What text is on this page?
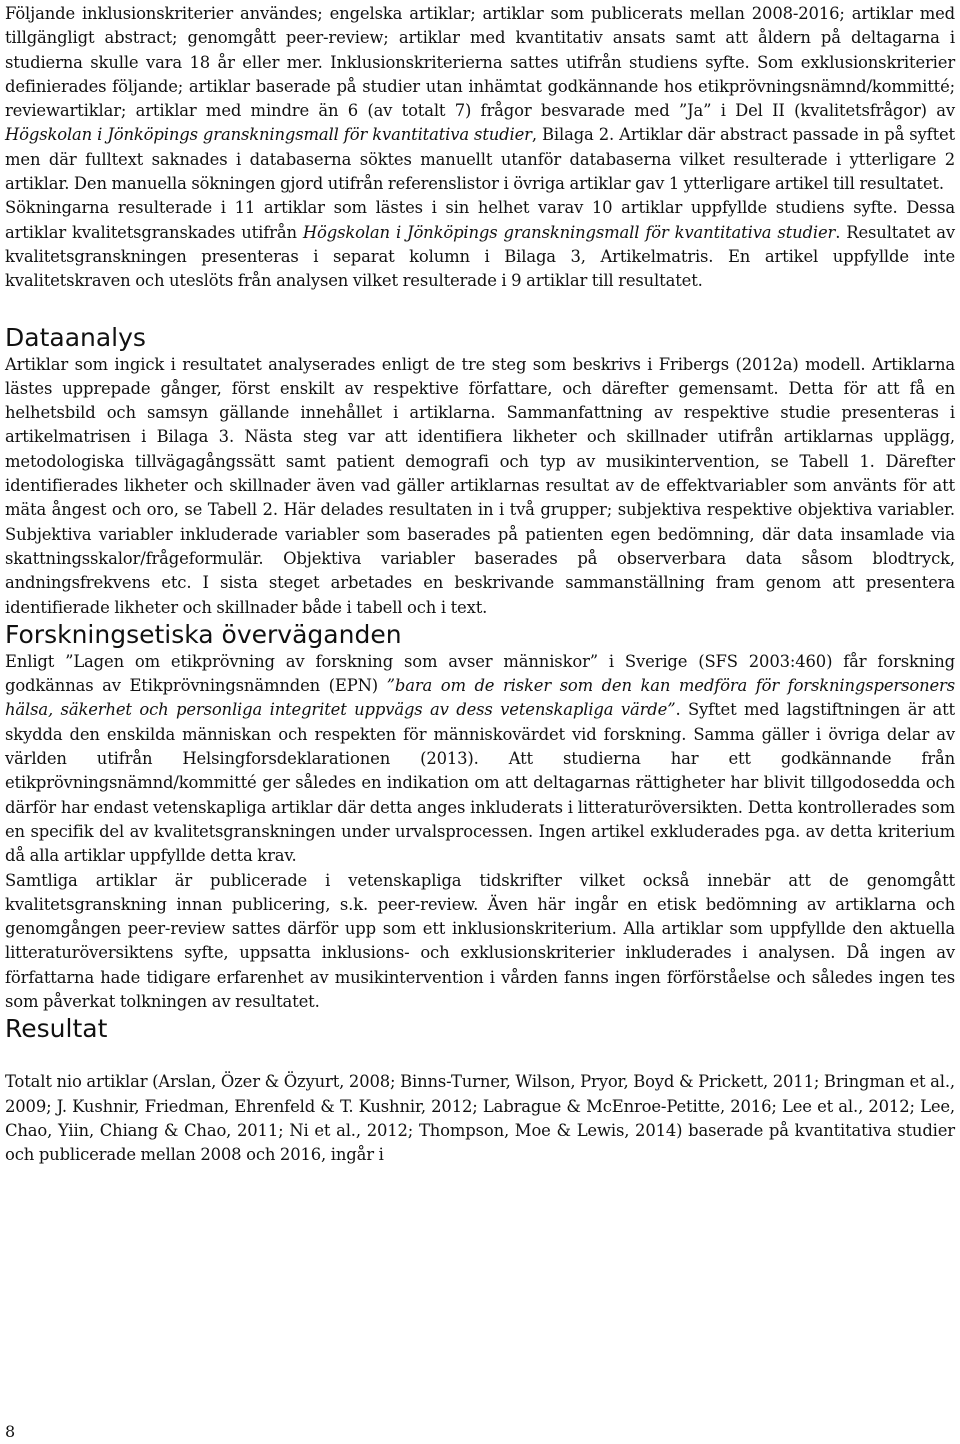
Följande inklusionskriterier användes; engelska artiklar; artiklar som publicerats mellan 2008-2016; artiklar med tillgängligt abstract; genomgått peer-review; artiklar med kvantitativ ansats samt att åldern på deltagarna i studierna skulle vara 18 år eller mer. Inklusionskriterierna sattes utifrån studiens syfte. Som exklusionskriterier definierades följande; artiklar baserade på studier utan inhämtat godkännande hos etikprövningsnämnd/kommitté; reviewartiklar; artiklar med mindre än 6 (av totalt 7) frågor besvarade med ”Ja” i Del II (kvalitetsfrågor) av Högskolan i Jönköpings granskningsmall för kvantitativa studier, Bilaga 2. Artiklar där abstract passade in på syftet men där fulltext saknades i databaserna söktes manuellt utanför databaserna vilket resulterade i ytterligare 2 artiklar. Den manuella sökningen gjord utifrån referenslistor i övriga artiklar gav 1 ytterligare artikel till resultatet.

Sökningarna resulterade i 11 artiklar som lästes i sin helhet varav 10 artiklar uppfyllde studiens syfte. Dessa artiklar kvalitetsgranskades utifrån Högskolan i Jönköpings granskningsmall för kvantitativa studier. Resultatet av kvalitetsgranskningen presenteras i separat kolumn i Bilaga 3, Artikelmatris. En artikel uppfyllde inte kvalitetskraven och uteslöts från analysen vilket resulterade i 9 artiklar till resultatet.

Dataanalys

Artiklar som ingick i resultatet analyserades enligt de tre steg som beskrivs i Fribergs (2012a) modell. Artiklarna lästes upprepade gånger, först enskilt av respektive författare, och därefter gemensamt. Detta för att få en helhetsbild och samsyn gällande innehållet i artiklarna. Sammanfattning av respektive studie presenteras i artikelmatrisen i Bilaga 3. Nästa steg var att identifiera likheter och skillnader utifrån artiklarnas upplägg, metodologiska tillvägagångssätt samt patient demografi och typ av musikintervention, se Tabell 1. Därefter identifierades likheter och skillnader även vad gäller artiklarnas resultat av de effektvariabler som använts för att mäta ångest och oro, se Tabell 2. Här delades resultaten in i två grupper; subjektiva respektive objektiva variabler. Subjektiva variabler inkluderade variabler som baserades på patienten egen bedömning, där data insamlade via skattningsskalor/frågeformulär. Objektiva variabler baserades på observerbara data såsom blodtryck, andningsfrekvens etc. I sista steget arbetades en beskrivande sammanställning fram genom att presentera identifierade likheter och skillnader både i tabell och i text.

Forskningsetiska överväganden

Enligt ”Lagen om etikprövning av forskning som avser människor” i Sverige (SFS 2003:460) får forskning godkännas av Etikprövningsnämnden (EPN) ”bara om de risker som den kan medföra för forskningspersoners hälsa, säkerhet och personliga integritet uppvägs av dess vetenskapliga värde”. Syftet med lagstiftningen är att skydda den enskilda människan och respekten för människovärdet vid forskning. Samma gäller i övriga delar av världen utifrån Helsingforsdeklarationen (2013). Att studierna har ett godkännande från etikprövningsnämnd/kommitté ger således en indikation om att deltagarnas rättigheter har blivit tillgodosedda och därför har endast vetenskapliga artiklar där detta anges inkluderats i litteraturöversikten. Detta kontrollerades som en specifik del av kvalitetsgranskningen under urvalsprocessen. Ingen artikel exkluderades pga. av detta kriterium då alla artiklar uppfyllde detta krav.

Samtliga artiklar är publicerade i vetenskapliga tidskrifter vilket också innebär att de genomgått kvalitetsgranskning innan publicering, s.k. peer-review. Även här ingår en etisk bedömning av artiklarna och genomgången peer-review sattes därför upp som ett inklusionskriterium. Alla artiklar som uppfyllde den aktuella litteraturöversiktens syfte, uppsatta inklusions- och exklusionskriterier inkluderades i analysen. Då ingen av författarna hade tidigare erfarenhet av musikintervention i vården fanns ingen förförståelse och således ingen tes som påverkat tolkningen av resultatet.

Resultat

Totalt nio artiklar (Arslan, Özer & Özyurt, 2008; Binns-Turner, Wilson, Pryor, Boyd & Prickett, 2011; Bringman et al., 2009; J. Kushnir, Friedman, Ehrenfeld & T. Kushnir, 2012; Labrague & McEnroe-Petitte, 2016; Lee et al., 2012; Lee, Chao, Yiin, Chiang & Chao, 2011; Ni et al., 2012; Thompson, Moe & Lewis, 2014) baserade på kvantitativa studier och publicerade mellan 2008 och 2016, ingår i

8
